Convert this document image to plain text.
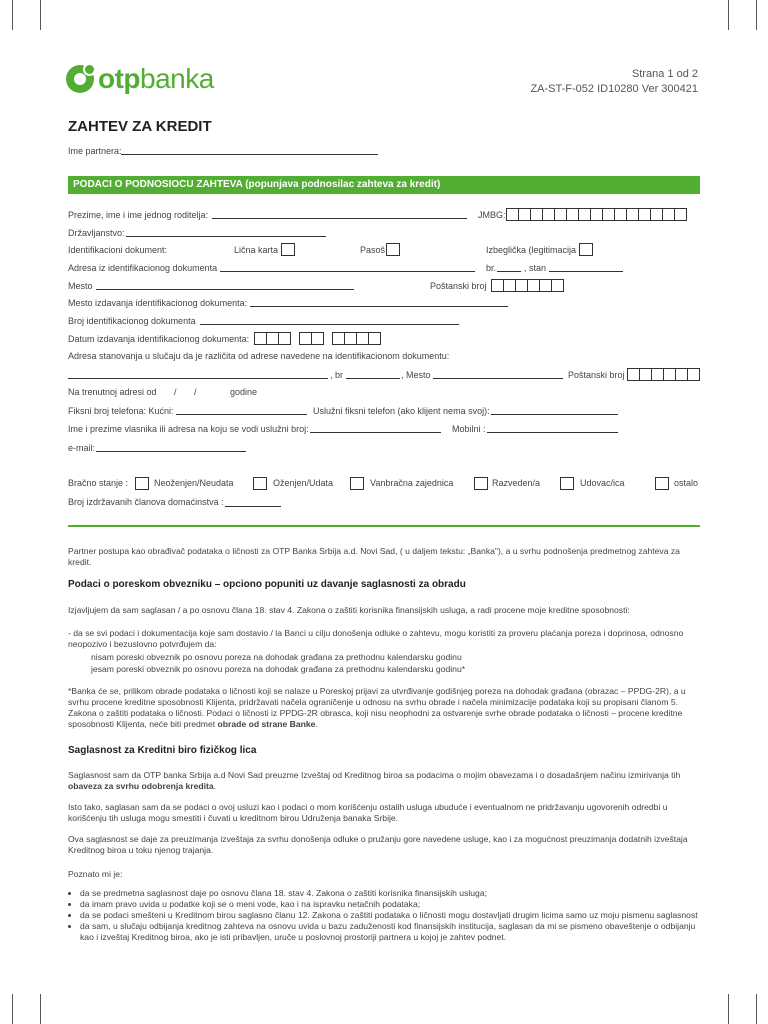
otpbanka	Strana 1 od 2
ZA-ST-F-052 ID10280 Ver 300421
ZAHTEV ZA KREDIT
Ime partnera:
PODACI O PODNOSIOCU ZAHTEVA (popunjava podnosilac zahteva za kredit)
Prezime, ime i ime jednog roditelja:	JMBG:
Državljanstvo:
Identifikacioni dokument:	Lična karta	Pasoš	Izbeglička (legitimacija
Adresa iz identifikacionog dokumenta	br.	, stan
Mesto	Poštanski broj
Mesto izdavanja identifikacionog dokumenta:
Broj identifikacionog dokumenta
Datum izdavanja identifikacionog dokumenta:
Adresa stanovanja u slučaju da je različita od adrese navedene na identifikacionom dokumentu:
, br	, Mesto	Poštanski broj
Na trenutnoj adresi od / /	godine
Fiksni broj telefona: Kućni:	Uslužni fiksni telefon (ako klijent nema svoj):
Ime i prezime vlasnika ili adresa na koju se vodi uslužni broj:	Mobilni :
e-mail:
Bračno stanje :	Neoženjen/Neudata	Oženjen/Udata	Vanbračna zajednica	Razveden/a	Udovac/ica	ostalo
Broj izdržavanih članova domaćinstva :
Partner postupa kao obrađivač podataka o ličnosti za OTP Banka Srbija a.d. Novi Sad, ( u daljem tekstu: „Banka"), a u svrhu podnošenja predmetnog zahteva za kredit.
Podaci o poreskom obvezniku – opciono popuniti uz davanje saglasnosti za obradu
Izjavljujem da sam saglasan / a po osnovu člana 18. stav 4. Zakona o zaštiti korisnika finansijskih usluga, a radi procene moje kreditne sposobnosti:
- da se svi podaci i dokumentacija koje sam dostavio / la Banci u cilju donošenja odluke o zahtevu, mogu koristiti za proveru plaćanja poreza i doprinosa, odnosno neopozivo i bezuslovno potvrđujem da:
nisam poreski obveznik po osnovu poreza na dohodak građana za prethodnu kalendarsku godinu
jesam poreski obveznik po osnovu poreza na dohodak građana za prethodnu kalendarsku godinu*
*Banka će se, prilikom obrade podataka o ličnosti koji se nalaze u Poreskoj prijavi za utvrđivanje godišnjeg poreza na dohodak građana (obrazac – PPDG-2R), a u svrhu procene kreditne sposobnosti Klijenta, pridržavati načela ograničenje u odnosu na svrhu obrade i načela minimizacije podataka koji su propisani članom 5. Zakona o zaštiti podataka o ličnosti. Podaci o ličnosti iz PPDG-2R obrasca, koji nisu neophodni za ostvarenje svrhe obrade podataka o ličnosti – procene kreditne sposobnosti Klijenta, neće biti predmet obrade od strane Banke.
Saglasnost za Kreditni biro fizičkog lica
Saglasnost sam da OTP banka Srbija a.d Novi Sad preuzme Izveštaj od Kreditnog biroa sa podacima o mojim obavezama i o dosadašnjem načinu izmirivanja tih obaveza za svrhu odobrenja kredita.
Isto tako, saglasan sam da se podaci o ovoj usluzi kao i podaci o mom korišćenju ostalih usluga ubuduće i eventualnom ne pridržavanju ugovorenih odredbi u korišćenju tih usluga mogu smestiti i čuvati u kreditnom birou Udruženja banaka Srbije.
Ova saglasnost se daje za preuzimanja izveštaja za svrhu donošenja odluke o pružanju gore navedene usluge, kao i za mogućnost preuzimanja dodatnih izveštaja Kreditnog biroa u toku njenog trajanja.
Poznato mi je:
• da se predmetna saglasnost daje po osnovu člana 18. stav 4. Zakona o zaštiti korisnika finansijskih usluga;
• da imam pravo uvida u podatke koji se o meni vode, kao i na ispravku netačnih podataka;
• da se podaci smešteni u Kreditnom birou saglasno članu 12. Zakona o zaštiti podataka o ličnosti mogu dostavljati drugim licima samo uz moju pismenu saglasnost
• da sam, u slučaju odbijanja kreditnog zahteva na osnovu uvida u bazu zaduženosti kod finansijskih institucija, saglasan da mi se pismeno obaveštenje o odbijanju kao i izveštaj Kreditnog biroa, ako je isti pribavljen, uruče u poslovnoj prostoriji partnera u kojoj je zahtev podnet.
